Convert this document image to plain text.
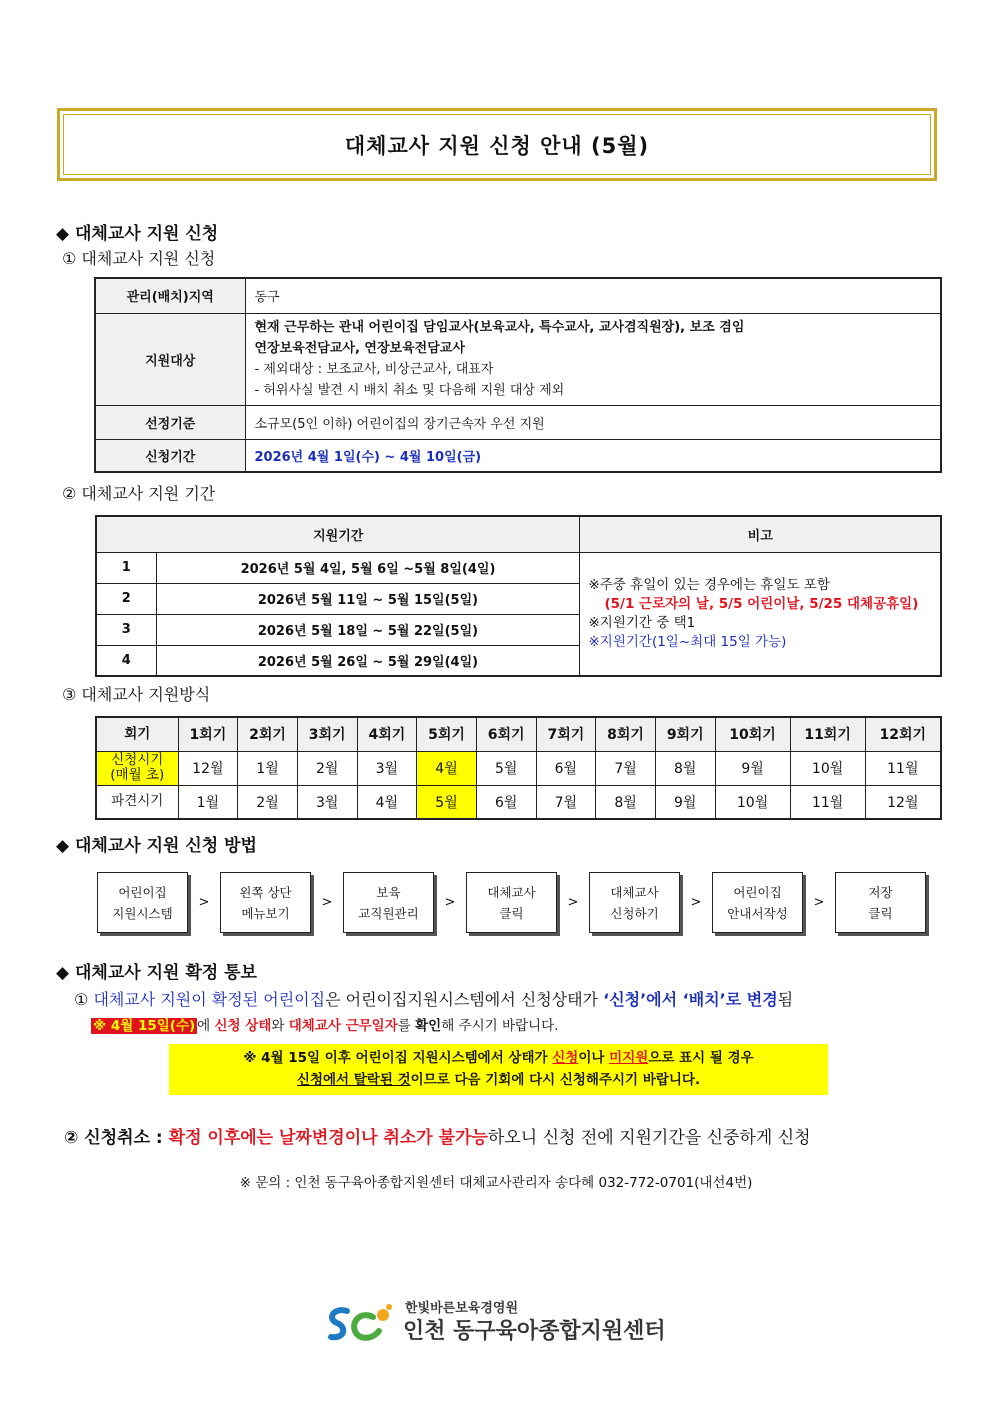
대체교사 지원 신청 안내 (5월)
◆ 대체교사 지원 신청
① 대체교사 지원 신청
관리(배치)지역	동구
지원대상	현재 근무하는 관내 어린이집 담임교사(보육교사, 특수교사, 교사겸직원장), 보조 겸임
연장보육전담교사, 연장보육전담교사
- 제외대상 : 보조교사, 비상근교사, 대표자
- 허위사실 발견 시 배치 취소 및 다음해 지원 대상 제외

선정기준	소규모(5인 이하) 어린이집의 장기근속자 우선 지원
신청기간	2026년 4월 1일(수) ~ 4월 10일(금)
② 대체교사 지원 기간
지원기간		비고
1	2026년 5월 4일, 5월 6일 ~5월 8일(4일)	※주중 휴일이 있는 경우에는 휴일도 포함
(5/1 근로자의 날, 5/5 어린이날, 5/25 대체공휴일)
※지원기간 중 택1
※지원기간(1일~최대 15일 가능)

2	2026년 5월 11일 ~ 5월 15일(5일)	
3	2026년 5월 18일 ~ 5월 22일(5일)	
4	2026년 5월 26일 ~ 5월 29일(4일)	
③ 대체교사 지원방식
회기	1회기	2회기	3회기	4회기	5회기	6회기	7회기	8회기	9회기	10회기	11회기	12회기

신청시기
(매월 초)	12월	1월	2월	3월	4월	5월	6월	7월	8월	9월	10월	11월
파견시기	1월	2월	3월	4월	5월	6월	7월	8월	9월	10월	11월	12월
◆ 대체교사 지원 신청 방법
어린이집
지원시스템
>
왼쪽 상단
메뉴보기
>
보육
교직원관리
>
대체교사
클릭
>
대체교사
신청하기
>
어린이집
안내서작성
>
저장
클릭
◆ 대체교사 지원 확정 통보
① 대체교사 지원이 확정된 어린이집은 어린이집지원시스템에서 신청상태가 ‘신청’에서 ‘배치’로 변경됨
※ 4월 15일(수) 에 신청 상태와 대체교사 근무일자를 확인해 주시기 바랍니다.
※ 4월 15일 이후 어린이집 지원시스템에서 상태가 신청이나 미지원으로 표시 될 경우
신청에서 탈락된 것이므로 다음 기회에 다시 신청해주시기 바랍니다.
② 신청취소 : 확정 이후에는 날짜변경이나 취소가 불가능하오니 신청 전에 지원기간을 신중하게 신청
※ 문의 : 인천 동구육아종합지원센터 대체교사관리자 송다혜 032-772-0701(내선4번)
한빛바른보육경영원
인천 동구육아종합지원센터
